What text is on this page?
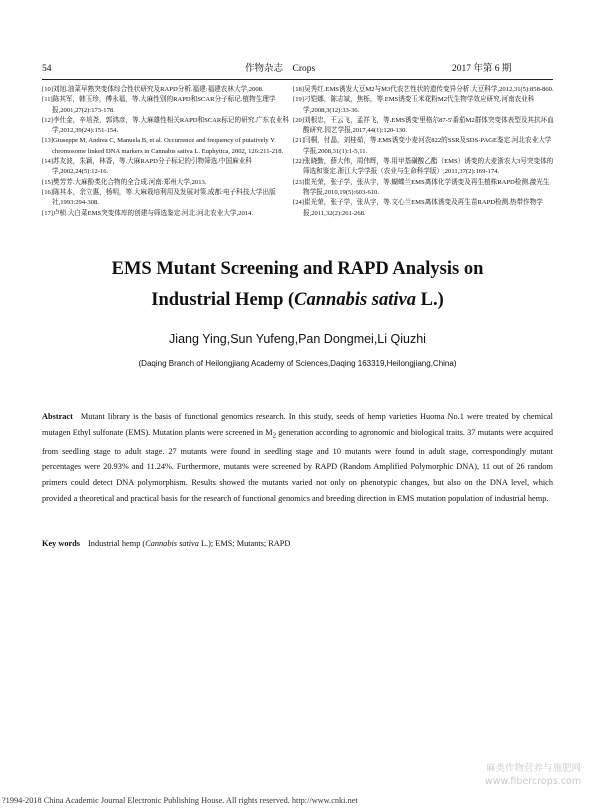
54	作物杂志　Crops	2017 年第 6 期
[10]刘旭.油菜早熟突变体综合性状研究及RAPD分析.福建:福建农林大学,2008.
[11]陈其军，韩玉珍，傅永福，等.大麻性别的RAPD和SCAR分子标记.植物生理学报,2001,27(2):173-178.
[12]李仕金，辛培尧，郭鸿彦，等.大麻雄性相关RAPD和SCAR标记的研究.广东农业科学,2012,39(24):151-154.
[13]Giuseppe M, Andrea C, Manuela B, et al. Occurrence and frequency of putatively Y chromosome linked DNA markers in Cannabis sativa L. Euphytica, 2002, 126:211-218.
[14]苏友波，朱颖，林香，等.大麻RAPD分子标记的引物筛选.中国麻业科学,2002,24(5):12-16.
[15]樊芳芳.大麻酚类化合物的全合成.河南:郑州大学,2013.
[16]陈其本，余立惠，杨明，等.大麻栽培利用及发展对策.成都:电子科技大学出版社,1993:294-308.
[17]卢桢.大白菜EMS突变体库的创建与筛选鉴定.河北:河北农业大学,2014.
[18]吴秀红.EMS诱发大豆M2与M3代农艺性状的遗传变异分析.大豆科学,2012,31(5):858-860.
[19]刁铠娜，陈志斌，焦栎，等.EMS诱变玉米花粉M2代生物学效应研究.河南农业科学,2008,3(12):33-36.
[20]刘根忠，王云飞，孟祥飞，等.EMS诱变'里格尔87-5'番茄M2群体突变体表型及其抗坏血酸研究.园艺学报,2017,44(1):120-130.
[21]闫桐，付晶，刘桂茹，等.EMS诱变小麦河农822的SSR及SDS-PAGE鉴定.河北农业大学学报,2008,31(1):1-5,11.
[22]张晓勤，薛大伟，周伟辉，等.用甲基磺酸乙酯（EMS）诱变的大麦浙农大3号突变体的筛选和鉴定.浙江大学学报（农业与生命科学版）,2011,37(2):169-174.
[23]崔光荣，张子学，张从宇，等.蝴蝶兰EMS离体化学诱变及再生植株RAPD检测.激光生物学报,2010,19(5):603-610.
[24]崔光荣，张子学，张从宇，等.文心兰EMS离体诱变及再生苗RAPD检测.热带作物学报,2011,32(2):261-268.
EMS Mutant Screening and RAPD Analysis on
Industrial Hemp (Cannabis sativa L.)
Jiang Ying,Sun Yufeng,Pan Dongmei,Li Qiuzhi
(Daqing Branch of Heilongjiang Academy of Sciences,Daqing 163319,Heilongjiang,China)
Abstract Mutant library is the basis of functional genomics research. In this study, seeds of hemp varieties Huoma No.1 were treated by chemical mutagen Ethyl sulfonate (EMS). Mutation plants were screened in $M_2$ generation according to agronomic and biological traits. 37 mutants were acquired from seedling stage to adult stage. 27 mutants were found in seedling stage and 10 mutants were found in adult stage, correspondingly mutant percentages were 20.93% and 11.24%. Furthermore, mutants were screened by RAPD (Random Amplified Polymorphic DNA), 11 out of 26 random primers could detect DNA polymorphism. Results showed the mutants varied not only on phenotypic changes, but also on the DNA level, which provided a theoretical and practical basis for the research of functional genomics and breeding direction in EMS mutation population of industrial hemp.
Key words Industrial hemp (Cannabis sativa L.); EMS; Mutants; RAPD
麻类作物营养与施肥网
www.fibercrops.com
?1994-2018 China Academic Journal Electronic Publishing House. All rights reserved. http://www.cnki.net
